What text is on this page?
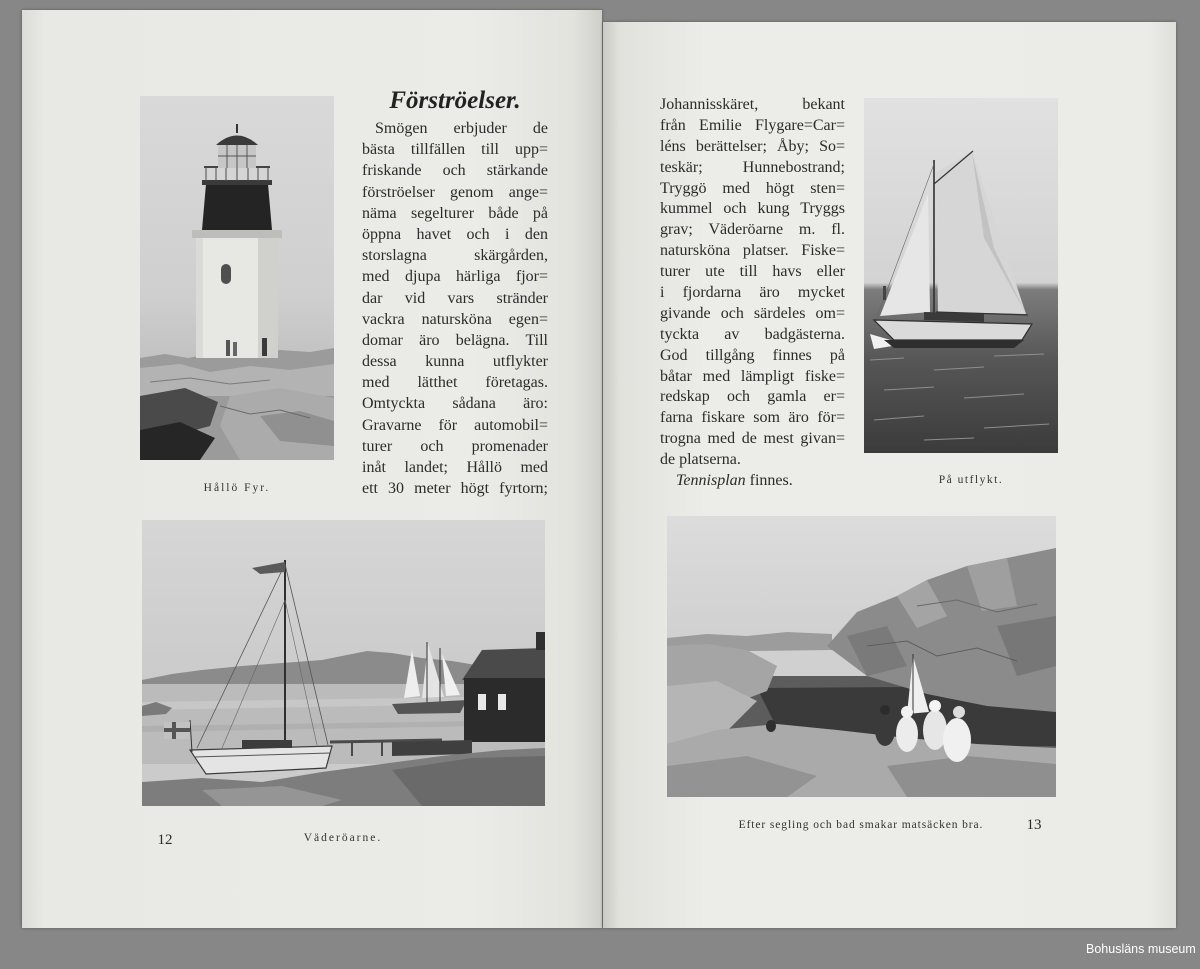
Förströelser.
Smögen erbjuder de
bästa tillfällen till upp=
friskande och stärkande
förströelser genom ange=
näma segelturer både på
öppna havet och i den
storslagna skärgården,
med djupa härliga fjor=
dar vid vars stränder
vackra natursköna egen=
domar äro belägna. Till
dessa kunna utflykter
med lätthet företagas.
Omtyckta sådana äro:
Gravarne för automobil=
turer och promenader
inåt landet; Hållö med
ett 30 meter högt fyrtorn;
Hållö Fyr.
Väderöarne.
12
Johannisskäret, bekant
från Emilie Flygare=Car=
léns berättelser; Åby; So=
teskär; Hunnebostrand;
Tryggö med högt sten=
kummel och kung Tryggs
grav; Väderöarne m. fl.
natursköna platser. Fiske=
turer ute till havs eller
i fjordarna äro mycket
givande och särdeles om=
tyckta av badgästerna.
God tillgång finnes på
båtar med lämpligt fiske=
redskap och gamla er=
farna fiskare som äro för=
trogna med de mest givan=
de platserna.
Tennisplan finnes.	På utflykt.
Efter segling och bad smakar matsäcken bra.	13
Bohusläns museum
